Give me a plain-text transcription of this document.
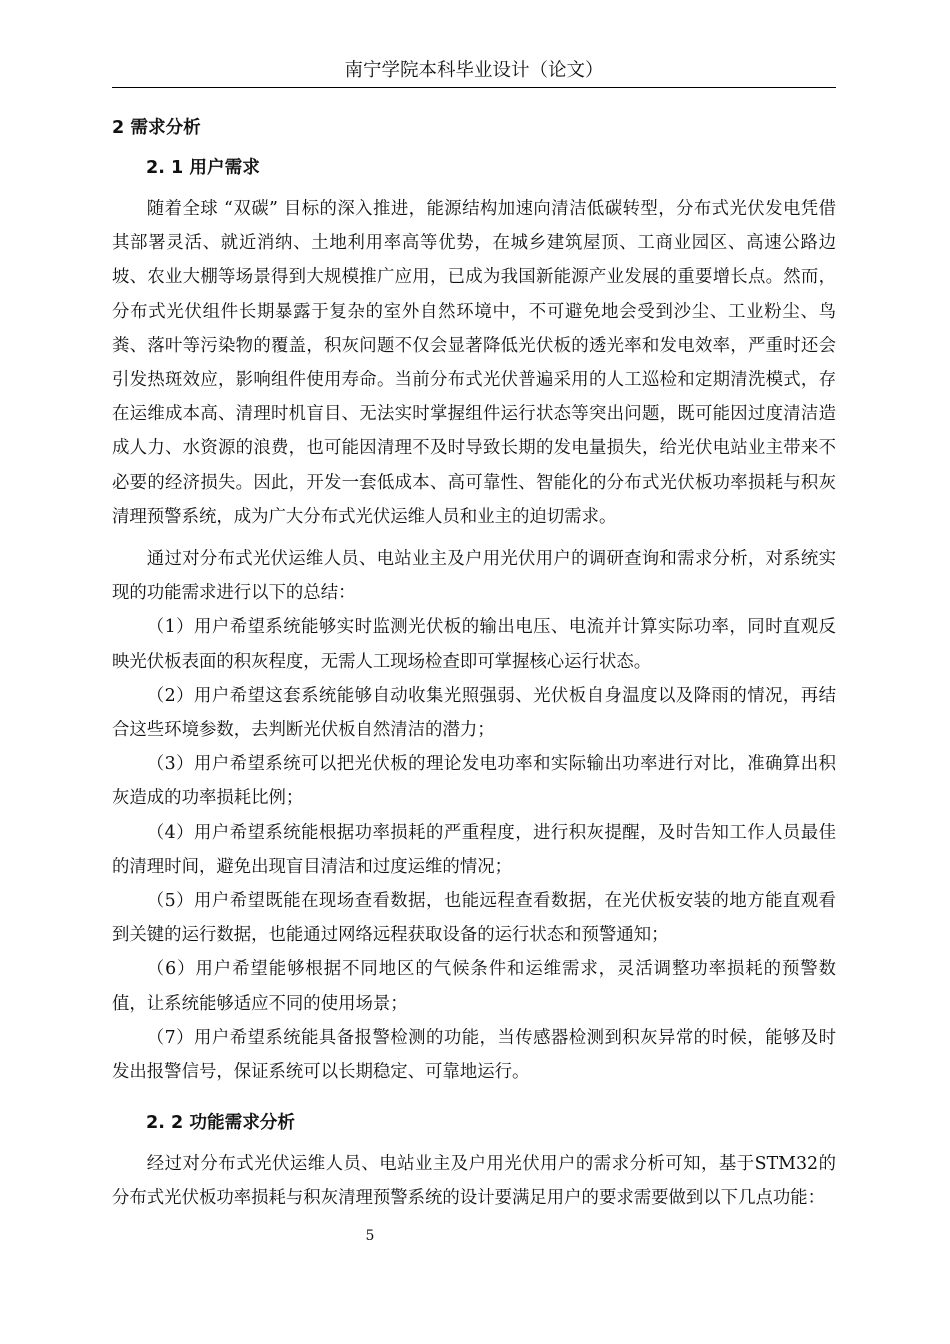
南宁学院本科毕业设计（论文）
2 需求分析
2. 1 用户需求

随着全球 “双碳” 目标的深入推进，能源结构加速向清洁低碳转型，分布式光伏发电凭借其部署灵活、就近消纳、土地利用率高等优势，在城乡建筑屋顶、工商业园区、高速公路边坡、农业大棚等场景得到大规模推广应用，已成为我国新能源产业发展的重要增长点。然而，分布式光伏组件长期暴露于复杂的室外自然环境中，不可避免地会受到沙尘、工业粉尘、鸟粪、落叶等污染物的覆盖，积灰问题不仅会显著降低光伏板的透光率和发电效率，严重时还会引发热斑效应，影响组件使用寿命。当前分布式光伏普遍采用的人工巡检和定期清洗模式，存在运维成本高、清理时机盲目、无法实时掌握组件运行状态等突出问题，既可能因过度清洁造成人力、水资源的浪费，也可能因清理不及时导致长期的发电量损失，给光伏电站业主带来不必要的经济损失。因此，开发一套低成本、高可靠性、智能化的分布式光伏板功率损耗与积灰清理预警系统，成为广大分布式光伏运维人员和业主的迫切需求。

通过对分布式光伏运维人员、电站业主及户用光伏用户的调研查询和需求分析，对系统实现的功能需求进行以下的总结：

（1）用户希望系统能够实时监测光伏板的输出电压、电流并计算实际功率，同时直观反映光伏板表面的积灰程度，无需人工现场检查即可掌握核心运行状态。

（2）用户希望这套系统能够自动收集光照强弱、光伏板自身温度以及降雨的情况，再结合这些环境参数，去判断光伏板自然清洁的潜力；

（3）用户希望系统可以把光伏板的理论发电功率和实际输出功率进行对比，准确算出积灰造成的功率损耗比例；

（4）用户希望系统能根据功率损耗的严重程度，进行积灰提醒，及时告知工作人员最佳的清理时间，避免出现盲目清洁和过度运维的情况；

（5）用户希望既能在现场查看数据，也能远程查看数据，在光伏板安装的地方能直观看到关键的运行数据，也能通过网络远程获取设备的运行状态和预警通知；

（6）用户希望能够根据不同地区的气候条件和运维需求，灵活调整功率损耗的预警数值，让系统能够适应不同的使用场景；

（7）用户希望系统能具备报警检测的功能，当传感器检测到积灰异常的时候，能够及时发出报警信号，保证系统可以长期稳定、可靠地运行。

2. 2 功能需求分析

经过对分布式光伏运维人员、电站业主及户用光伏用户的需求分析可知，基于STM32的分布式光伏板功率损耗与积灰清理预警系统的设计要满足用户的要求需要做到以下几点功能：

5
